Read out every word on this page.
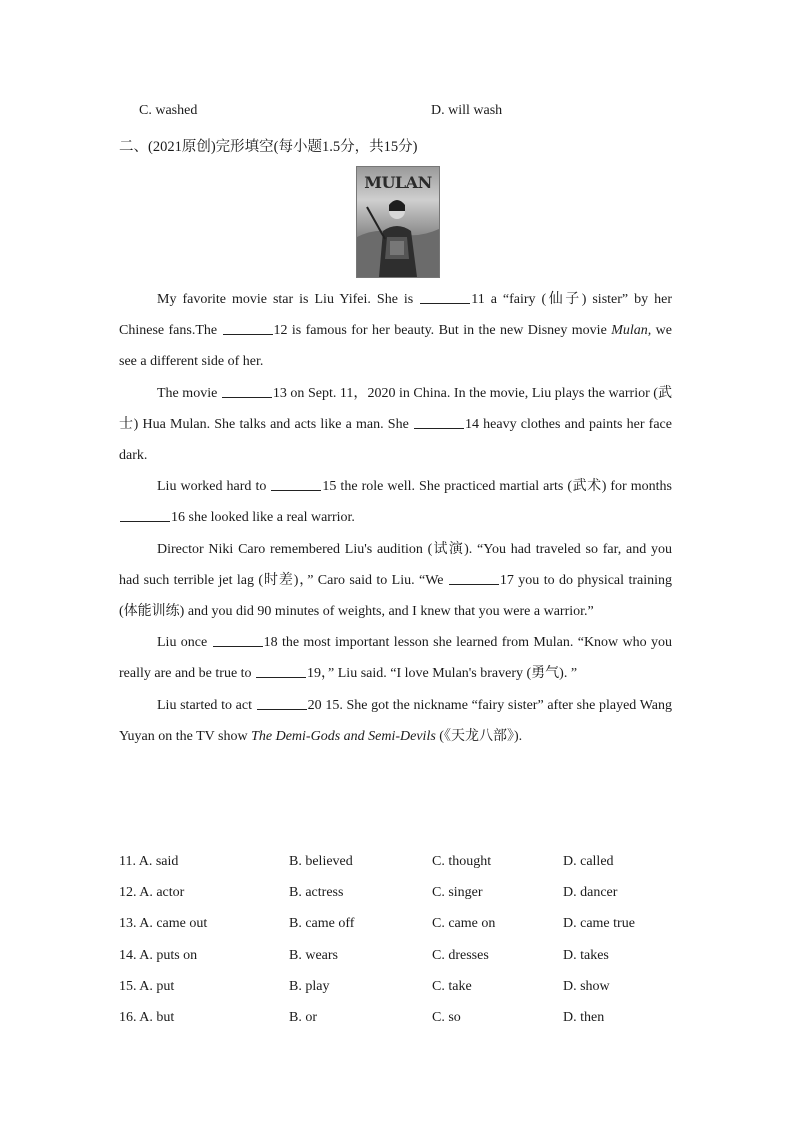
C. washed	D. will wash
二、(2021原创)完形填空(每小题1.5分，共15分)
MULAN

My favorite movie star is Liu Yifei. She is	11 a “fairy (仙子) sister” by her Chinese fans.The	12 is famous for her beauty. But in the new Disney movie Mulan, we see a different side of her.

The movie	13 on Sept. 11，2020 in China. In the movie, Liu plays the warrior (武士) Hua Mulan. She talks and acts like a man. She	14 heavy clothes and paints her face dark.

Liu worked hard to	15 the role well. She practiced martial arts (武术) for months 16 she looked like a real warrior.

Director Niki Caro remembered Liu's audition (试演). “You had traveled so far, and you had such terrible jet lag (时差)，” Caro said to Liu. “We	17 you to do physical training (体能训练) and you did 90 minutes of weights, and I knew that you were a warrior.”

Liu once	18 the most important lesson she learned from Mulan. “Know who you really are and be true to	19，” Liu said. “I love Mulan's bravery (勇气). ”

Liu started to act	20 15. She got the nickname “fairy sister” after she played Wang Yuyan on the TV show The Demi-Gods and Semi-Devils (《天龙八部》).

11. A. said	B. believed	C. thought	D. called
12. A. actor	B. actress	C. singer	D. dancer
13. A. came out	B. came off	C. came on	D. came true
14. A. puts on	B. wears	C. dresses	D. takes
15. A. put	B. play	C. take	D. show
16. A. but	B. or	C. so	D. then
